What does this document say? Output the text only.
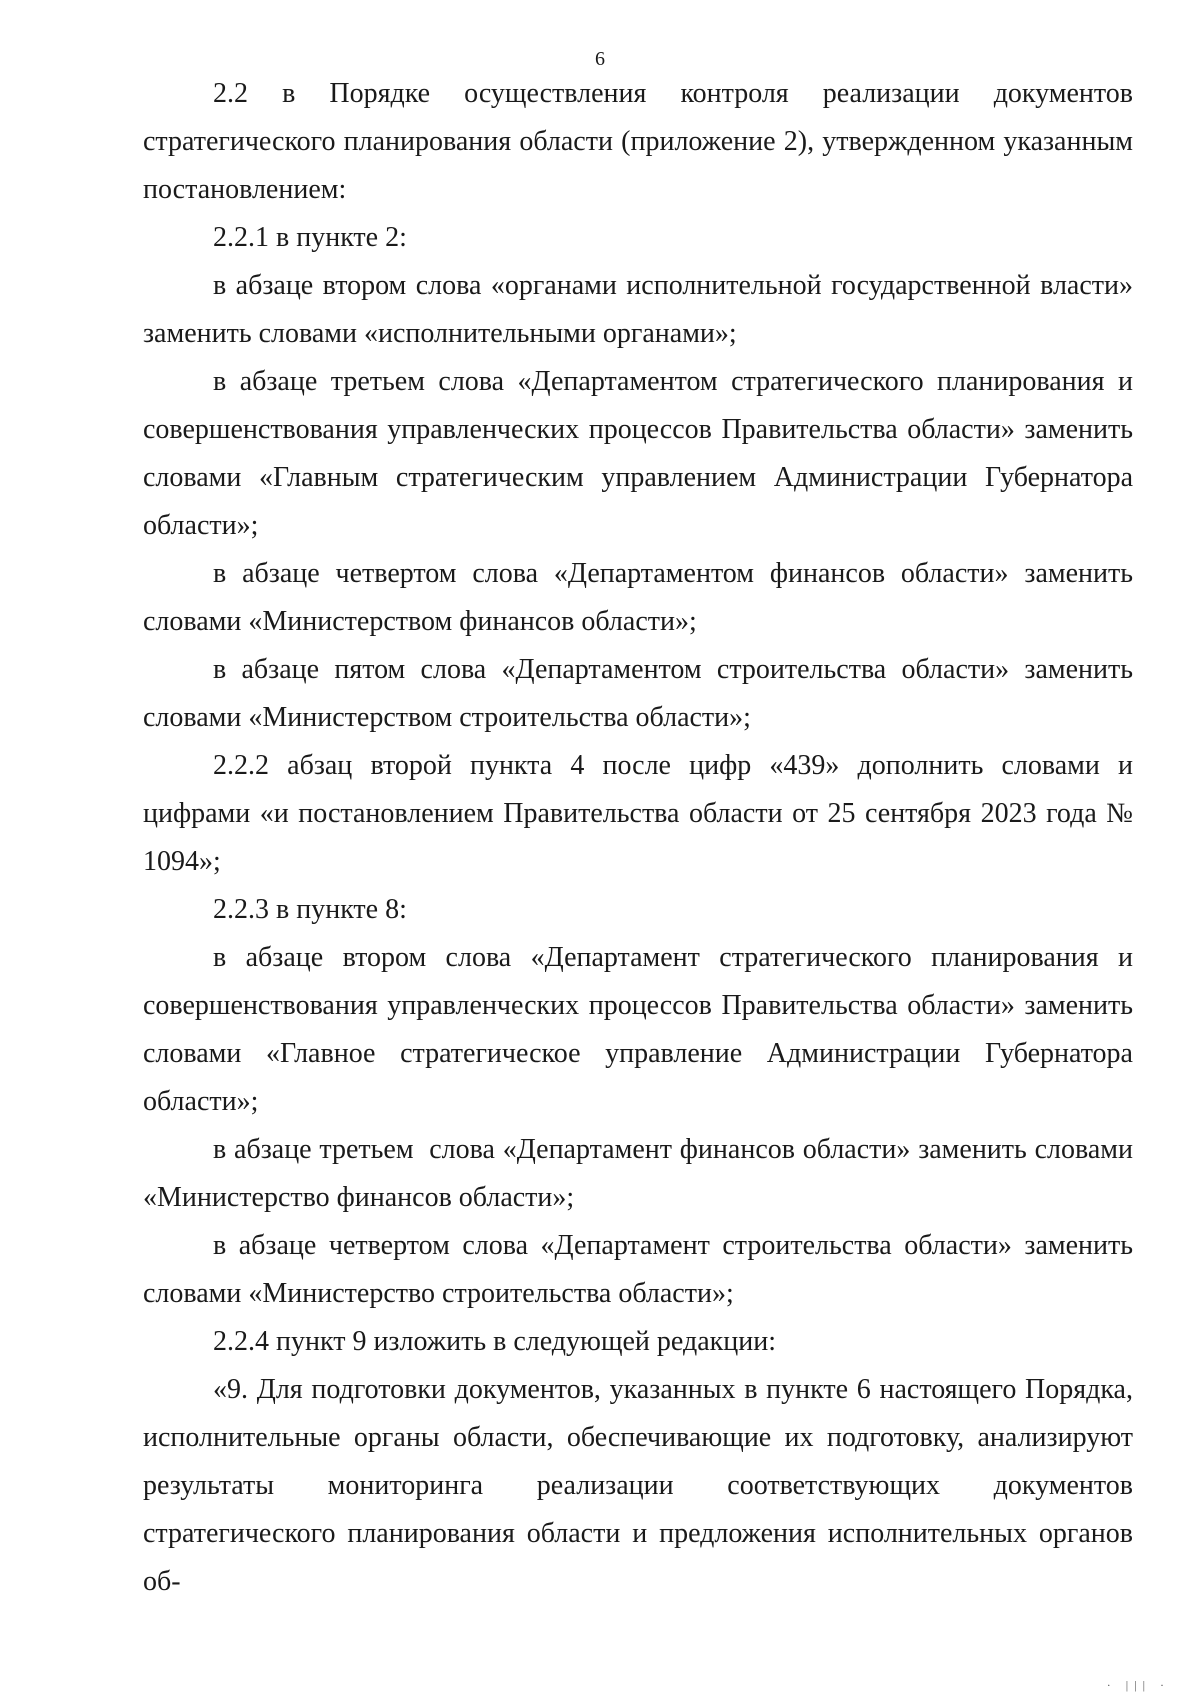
6

2.2 в Порядке осуществления контроля реализации документов стратегического планирования области (приложение 2), утвержденном указанным постановлением:

2.2.1 в пункте 2:

в абзаце втором слова «органами исполнительной государственной власти» заменить словами «исполнительными органами»;

в абзаце третьем слова «Департаментом стратегического планирования и совершенствования управленческих процессов Правительства области» заменить словами «Главным стратегическим управлением Администрации Губернатора области»;

в абзаце четвертом слова «Департаментом финансов области» заменить словами «Министерством финансов области»;

в абзаце пятом слова «Департаментом строительства области» заменить словами «Министерством строительства области»;

2.2.2 абзац второй пункта 4 после цифр «439» дополнить словами и цифрами «и постановлением Правительства области от 25 сентября 2023 года № 1094»;

2.2.3 в пункте 8:

в абзаце втором слова «Департамент стратегического планирования и совершенствования управленческих процессов Правительства области» заменить словами «Главное стратегическое управление Администрации Губернатора области»;

в абзаце третьем  слова «Департамент финансов области» заменить словами «Министерство финансов области»;

в абзаце четвертом слова «Департамент строительства области» заменить словами «Министерство строительства области»;

2.2.4 пункт 9 изложить в следующей редакции:

«9. Для подготовки документов, указанных в пункте 6 настоящего Порядка, исполнительные органы области, обеспечивающие их подготовку, анализируют результаты мониторинга реализации соответствующих документов стратегического планирования области и предложения исполнительных органов об-

· ||| ·
